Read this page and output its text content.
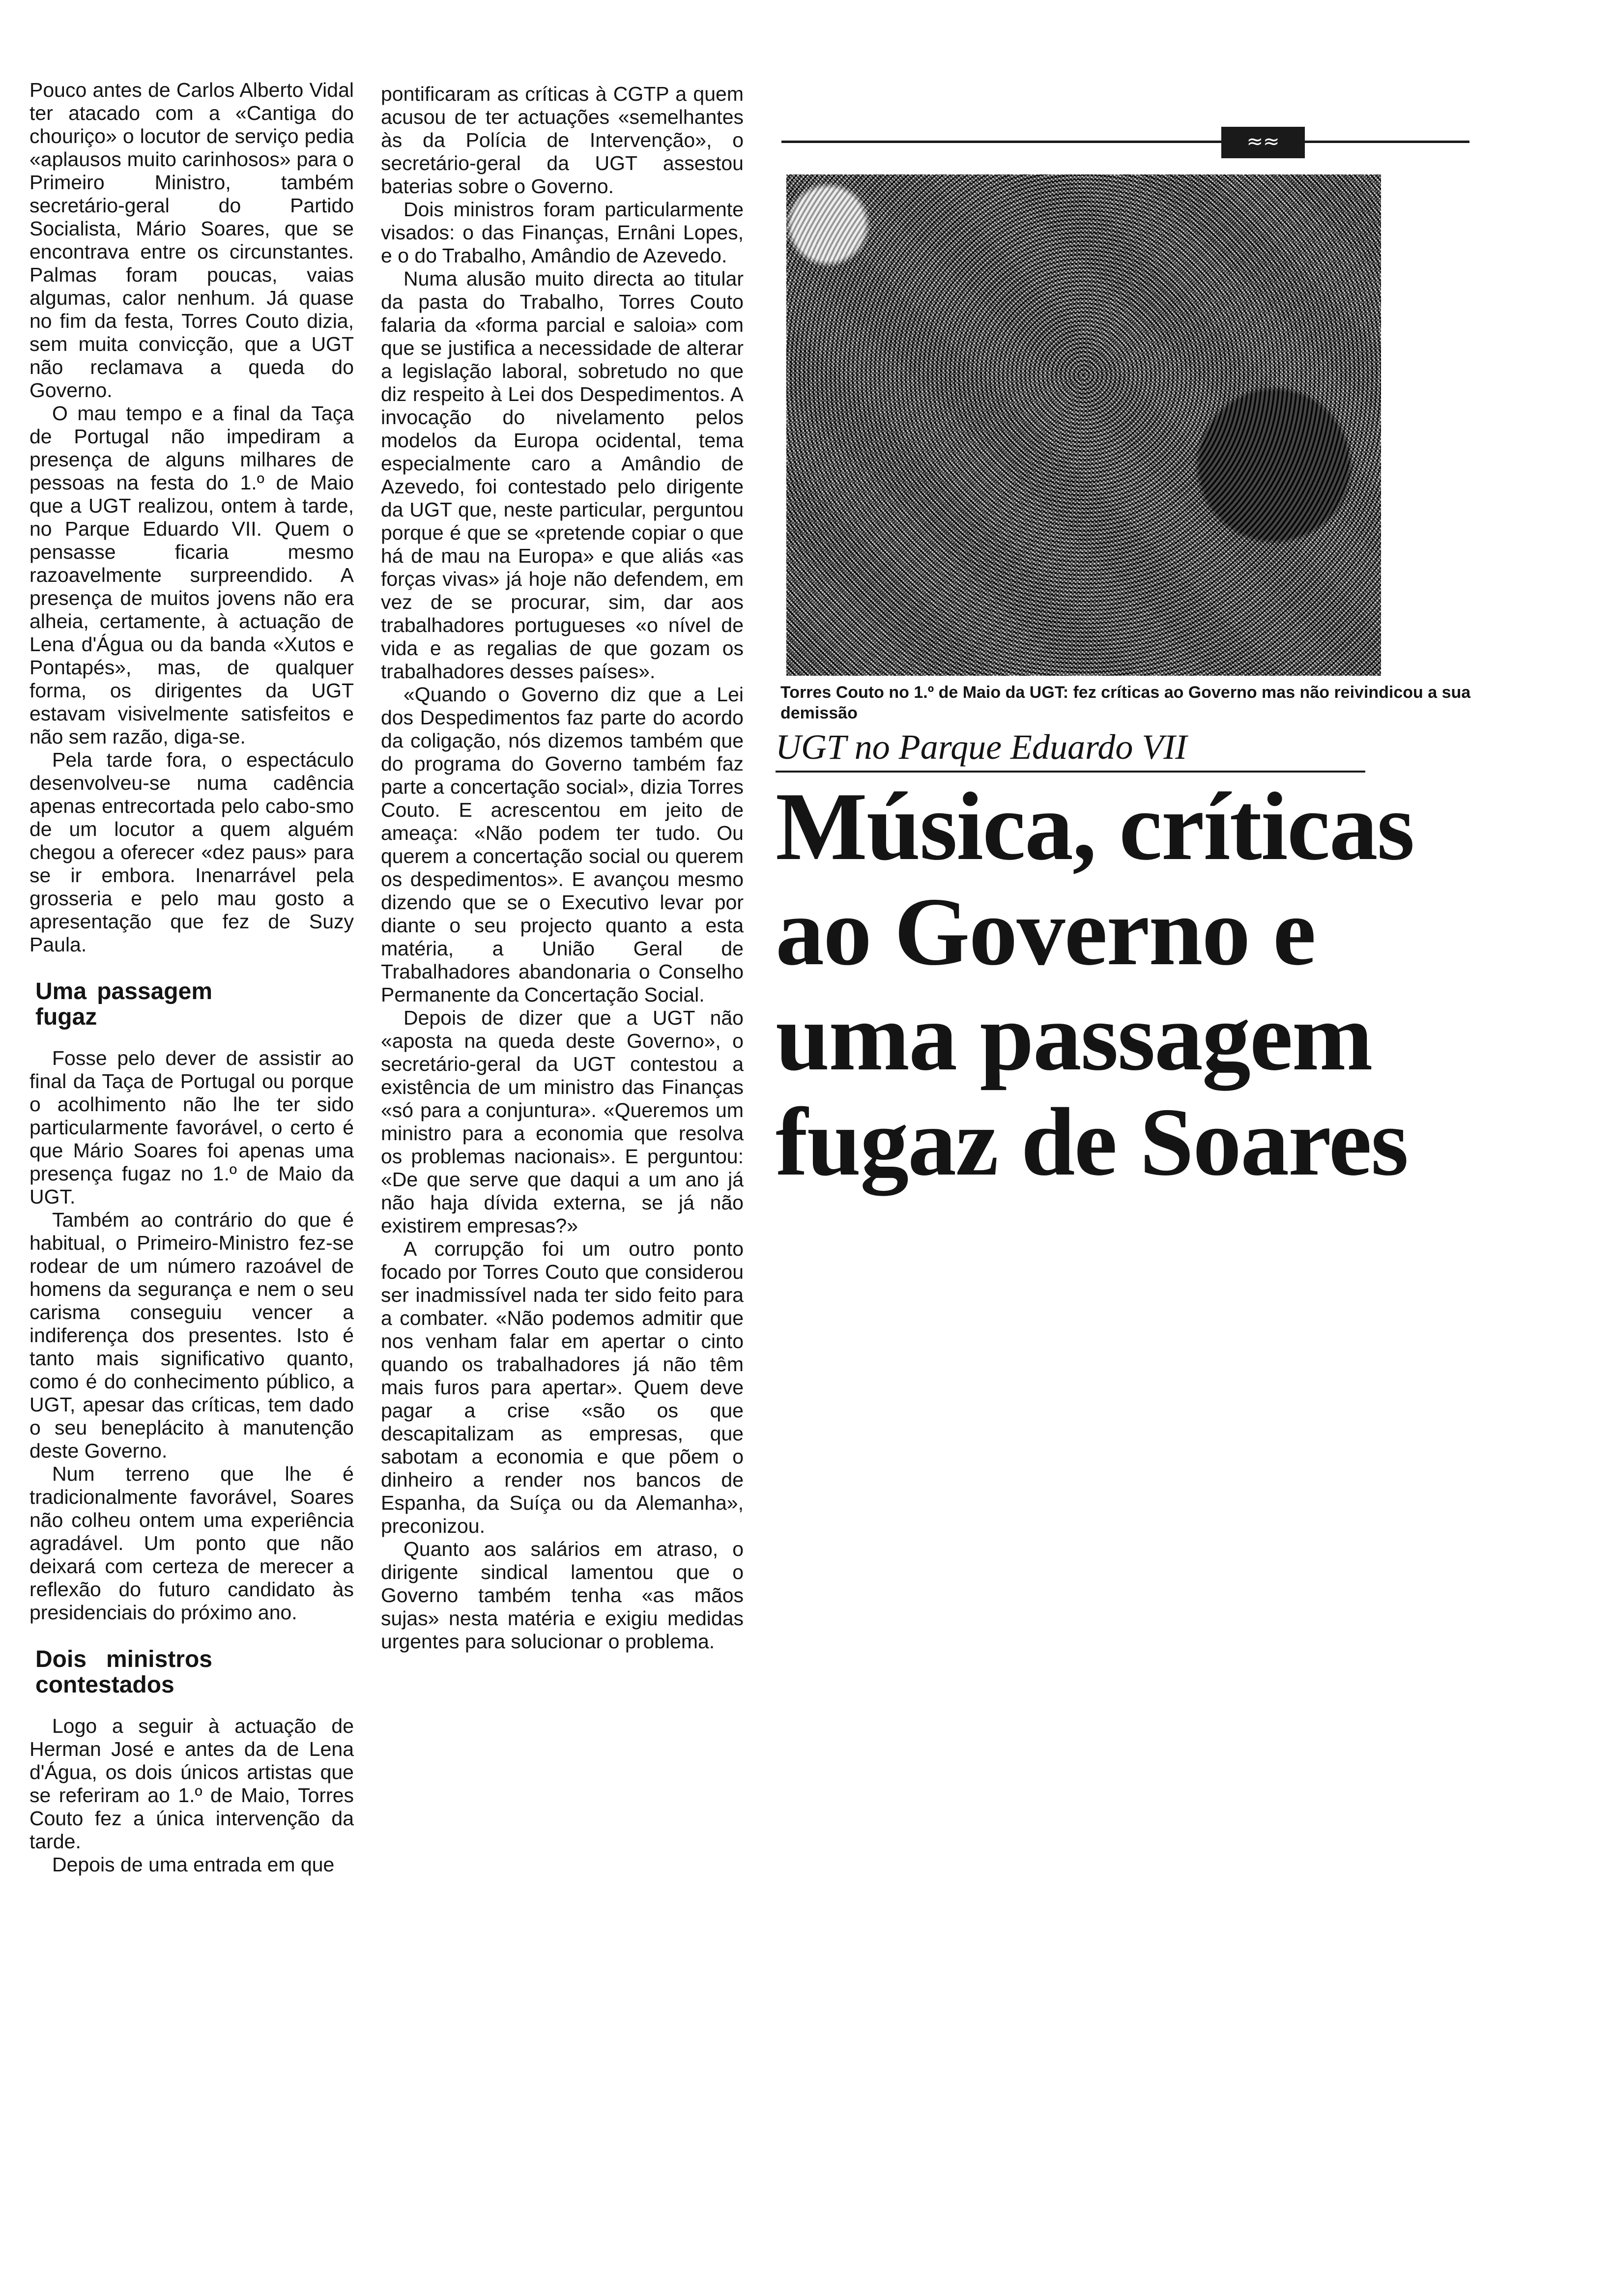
Pouco antes de Carlos Alberto Vidal ter atacado com a «Cantiga do chouriço» o locutor de serviço pedia «aplausos muito carinhosos» para o Primeiro Ministro, também secretário-geral do Partido Socialista, Mário Soares, que se encontrava entre os circunstantes. Palmas foram poucas, vaias algumas, calor nenhum. Já quase no fim da festa, Torres Couto dizia, sem muita convicção, que a UGT não reclamava a queda do Governo.

O mau tempo e a final da Taça de Portugal não impediram a presença de alguns milhares de pessoas na festa do 1.º de Maio que a UGT realizou, ontem à tarde, no Parque Eduardo VII. Quem o pensasse ficaria mesmo razoavelmente surpreendido. A presença de muitos jovens não era alheia, certamente, à actuação de Lena d'Água ou da banda «Xutos e Pontapés», mas, de qualquer forma, os dirigentes da UGT estavam visivelmente satisfeitos e não sem razão, diga-se.

Pela tarde fora, o espectáculo desenvolveu-se numa cadência apenas entrecortada pelo cabo-smo de um locutor a quem alguém chegou a oferecer «dez paus» para se ir embora. Inenarrável pela grosseria e pelo mau gosto a apresentação que fez de Suzy Paula.

Uma passagem fugaz

Fosse pelo dever de assistir ao final da Taça de Portugal ou porque o acolhimento não lhe ter sido particularmente favorável, o certo é que Mário Soares foi apenas uma presença fugaz no 1.º de Maio da UGT.

Também ao contrário do que é habitual, o Primeiro-Ministro fez-se rodear de um número razoável de homens da segurança e nem o seu carisma conseguiu vencer a indiferença dos presentes. Isto é tanto mais significativo quanto, como é do conhecimento público, a UGT, apesar das críticas, tem dado o seu beneplácito à manutenção deste Governo.

Num terreno que lhe é tradicionalmente favorável, Soares não colheu ontem uma experiência agradável. Um ponto que não deixará com certeza de merecer a reflexão do futuro candidato às presidenciais do próximo ano.

Dois ministros contestados

Logo a seguir à actuação de Herman José e antes da de Lena d'Água, os dois únicos artistas que se referiram ao 1.º de Maio, Torres Couto fez a única intervenção da tarde.

Depois de uma entrada em que

pontificaram as críticas à CGTP a quem acusou de ter actuações «semelhantes às da Polícia de Intervenção», o secretário-geral da UGT assestou baterias sobre o Governo.

Dois ministros foram particularmente visados: o das Finanças, Ernâni Lopes, e o do Trabalho, Amândio de Azevedo.

Numa alusão muito directa ao titular da pasta do Trabalho, Torres Couto falaria da «forma parcial e saloia» com que se justifica a necessidade de alterar a legislação laboral, sobretudo no que diz respeito à Lei dos Despedimentos. A invocação do nivelamento pelos modelos da Europa ocidental, tema especialmente caro a Amândio de Azevedo, foi contestado pelo dirigente da UGT que, neste particular, perguntou porque é que se «pretende copiar o que há de mau na Europa» e que aliás «as forças vivas» já hoje não defendem, em vez de se procurar, sim, dar aos trabalhadores portugueses «o nível de vida e as regalias de que gozam os trabalhadores desses países».

«Quando o Governo diz que a Lei dos Despedimentos faz parte do acordo da coligação, nós dizemos também que do programa do Governo também faz parte a concertação social», dizia Torres Couto. E acrescentou em jeito de ameaça: «Não podem ter tudo. Ou querem a concertação social ou querem os despedimentos». E avançou mesmo dizendo que se o Executivo levar por diante o seu projecto quanto a esta matéria, a União Geral de Trabalhadores abandonaria o Conselho Permanente da Concertação Social.

Depois de dizer que a UGT não «aposta na queda deste Governo», o secretário-geral da UGT contestou a existência de um ministro das Finanças «só para a conjuntura». «Queremos um ministro para a economia que resolva os problemas nacionais». E perguntou: «De que serve que daqui a um ano já não haja dívida externa, se já não existirem empresas?»

A corrupção foi um outro ponto focado por Torres Couto que considerou ser inadmissível nada ter sido feito para a combater. «Não podemos admitir que nos venham falar em apertar o cinto quando os trabalhadores já não têm mais furos para apertar». Quem deve pagar a crise «são os que descapitalizam as empresas, que sabotam a economia e que põem o dinheiro a render nos bancos de Espanha, da Suíça ou da Alemanha», preconizou.

Quanto aos salários em atraso, o dirigente sindical lamentou que o Governo também tenha «as mãos sujas» nesta matéria e exigiu medidas urgentes para solucionar o problema.

≈≈
Torres Couto no 1.º de Maio da UGT: fez críticas ao Governo mas não reivindicou a sua demissão
UGT no Parque Eduardo VII
Música, críticas ao Governo e uma passagem fugaz de Soares
